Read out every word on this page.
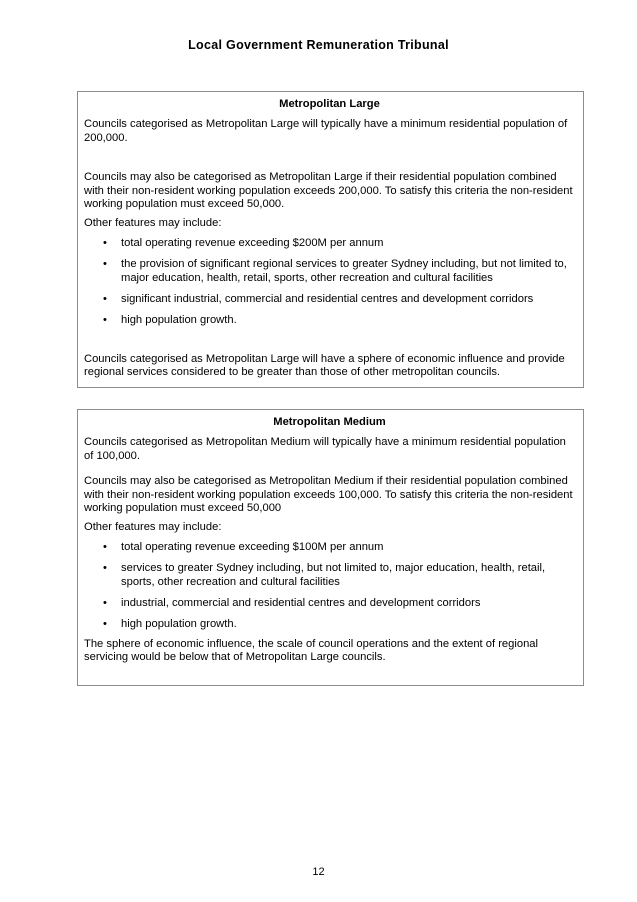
Local Government Remuneration Tribunal
Metropolitan Large

Councils categorised as Metropolitan Large will typically have a minimum residential population of 200,000.

Councils may also be categorised as Metropolitan Large if their residential population combined with their non-resident working population exceeds 200,000. To satisfy this criteria the non-resident working population must exceed 50,000.

Other features may include:

• total operating revenue exceeding $200M per annum
• the provision of significant regional services to greater Sydney including, but not limited to, major education, health, retail, sports, other recreation and cultural facilities
• significant industrial, commercial and residential centres and development corridors
• high population growth.

Councils categorised as Metropolitan Large will have a sphere of economic influence and provide regional services considered to be greater than those of other metropolitan councils.

Metropolitan Medium

Councils categorised as Metropolitan Medium will typically have a minimum residential population of 100,000.

Councils may also be categorised as Metropolitan Medium if their residential population combined with their non-resident working population exceeds 100,000. To satisfy this criteria the non-resident working population must exceed 50,000

Other features may include:

• total operating revenue exceeding $100M per annum
• services to greater Sydney including, but not limited to, major education, health, retail, sports, other recreation and cultural facilities
• industrial, commercial and residential centres and development corridors
• high population growth.

The sphere of economic influence, the scale of council operations and the extent of regional servicing would be below that of Metropolitan Large councils.

12
